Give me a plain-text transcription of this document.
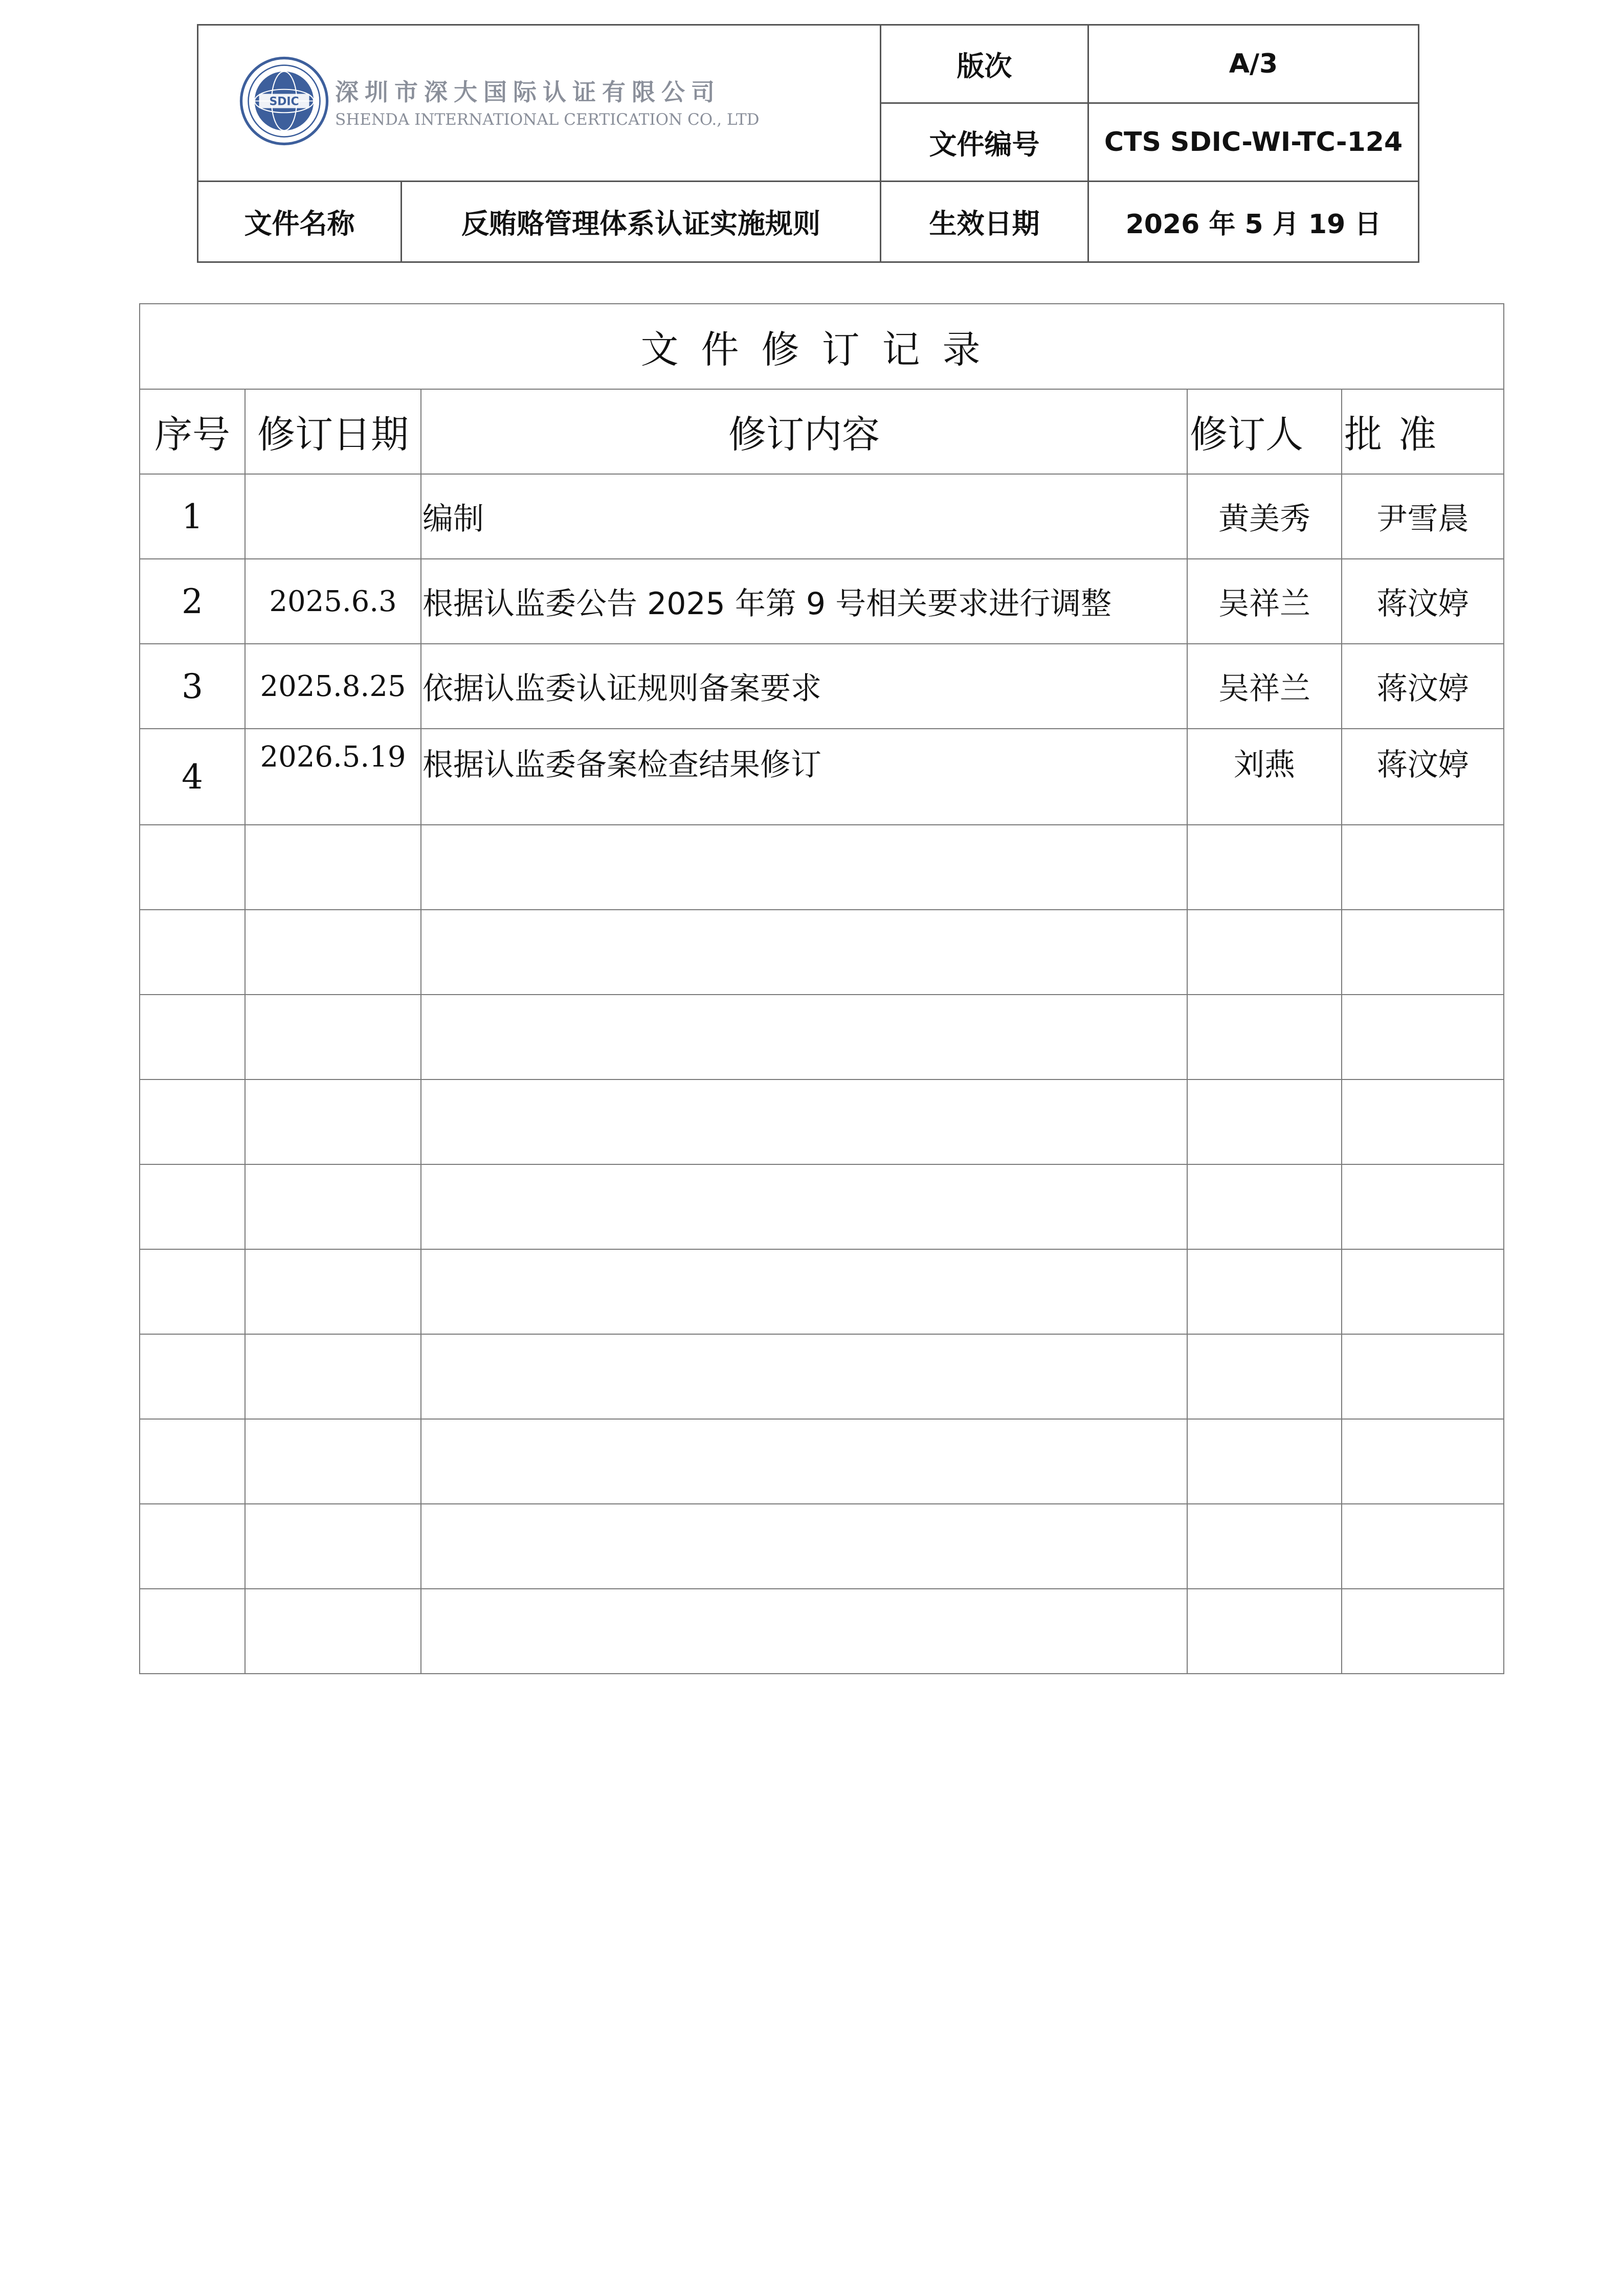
SDIC 深圳市深大国际认证有限公司
SHENDA INTERNATIONAL CERTICATION CO., LTD		版次	A/3
		文件编号	CTS SDIC-WI-TC-124
文件名称	反贿赂管理体系认证实施规则	生效日期	2026 年 5 月 19 日
文件修订记录				
序号	修订日期	修订内容	修订人	批准
1		编制	黄美秀	尹雪晨
2	2025.6.3	根据认监委公告 2025 年第 9 号相关要求进行调整	吴祥兰	蒋汶婷
3	2025.8.25	依据认监委认证规则备案要求	吴祥兰	蒋汶婷
4	2026.5.19	根据认监委备案检查结果修订	刘燕	蒋汶婷
